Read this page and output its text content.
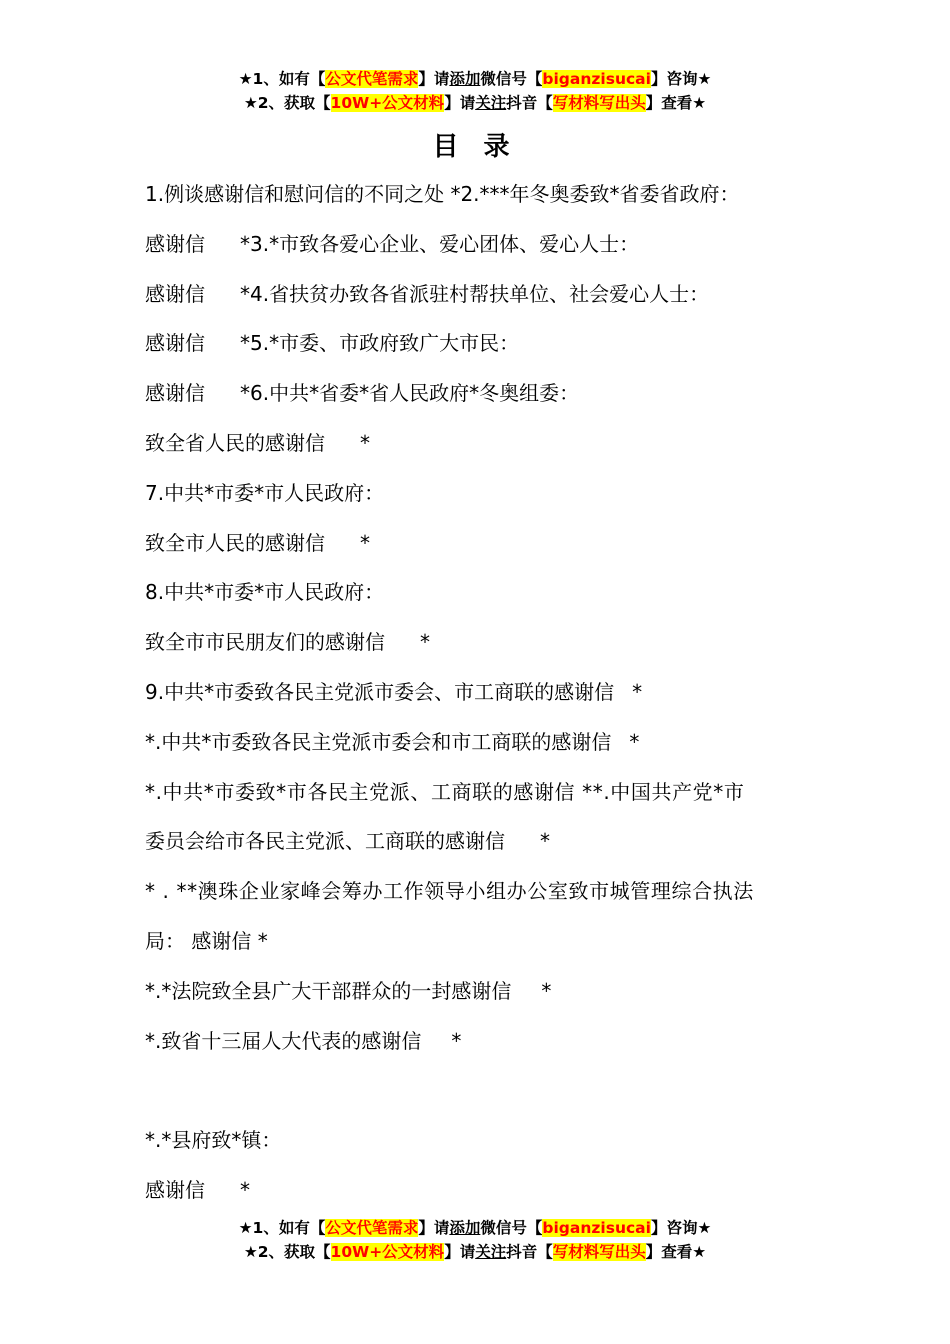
★1、如有【公文代笔需求】请添加微信号【biganzisucai】咨询★
★2、获取【10W+公文材料】请关注抖音【写材料写出头】查看★
目 录
1.例谈感谢信和慰问信的不同之处 *2.***年冬奥委致*省委省政府：
感谢信 *3.*市致各爱心企业、爱心团体、爱心人士：
感谢信 *4.省扶贫办致各省派驻村帮扶单位、社会爱心人士：
感谢信 *5.*市委、市政府致广大市民：
感谢信 *6.中共*省委*省人民政府*冬奥组委：
致全省人民的感谢信 *
7.中共*市委*市人民政府：
致全市人民的感谢信 *
8.中共*市委*市人民政府：
致全市市民朋友们的感谢信 *
9.中共*市委致各民主党派市委会、市工商联的感谢信 *
*.中共*市委致各民主党派市委会和市工商联的感谢信 *
*.中共*市委致*市各民主党派、工商联的感谢信 **.中国共产党*市
委员会给市各民主党派、工商联的感谢信 *
* . **澳珠企业家峰会筹办工作领导小组办公室致市城管理综合执法
局： 感谢信 *
*.*法院致全县广大干部群众的一封感谢信 *
*.致省十三届人大代表的感谢信 *
*.*县府致*镇：
感谢信 *
★1、如有【公文代笔需求】请添加微信号【biganzisucai】咨询★
★2、获取【10W+公文材料】请关注抖音【写材料写出头】查看★
